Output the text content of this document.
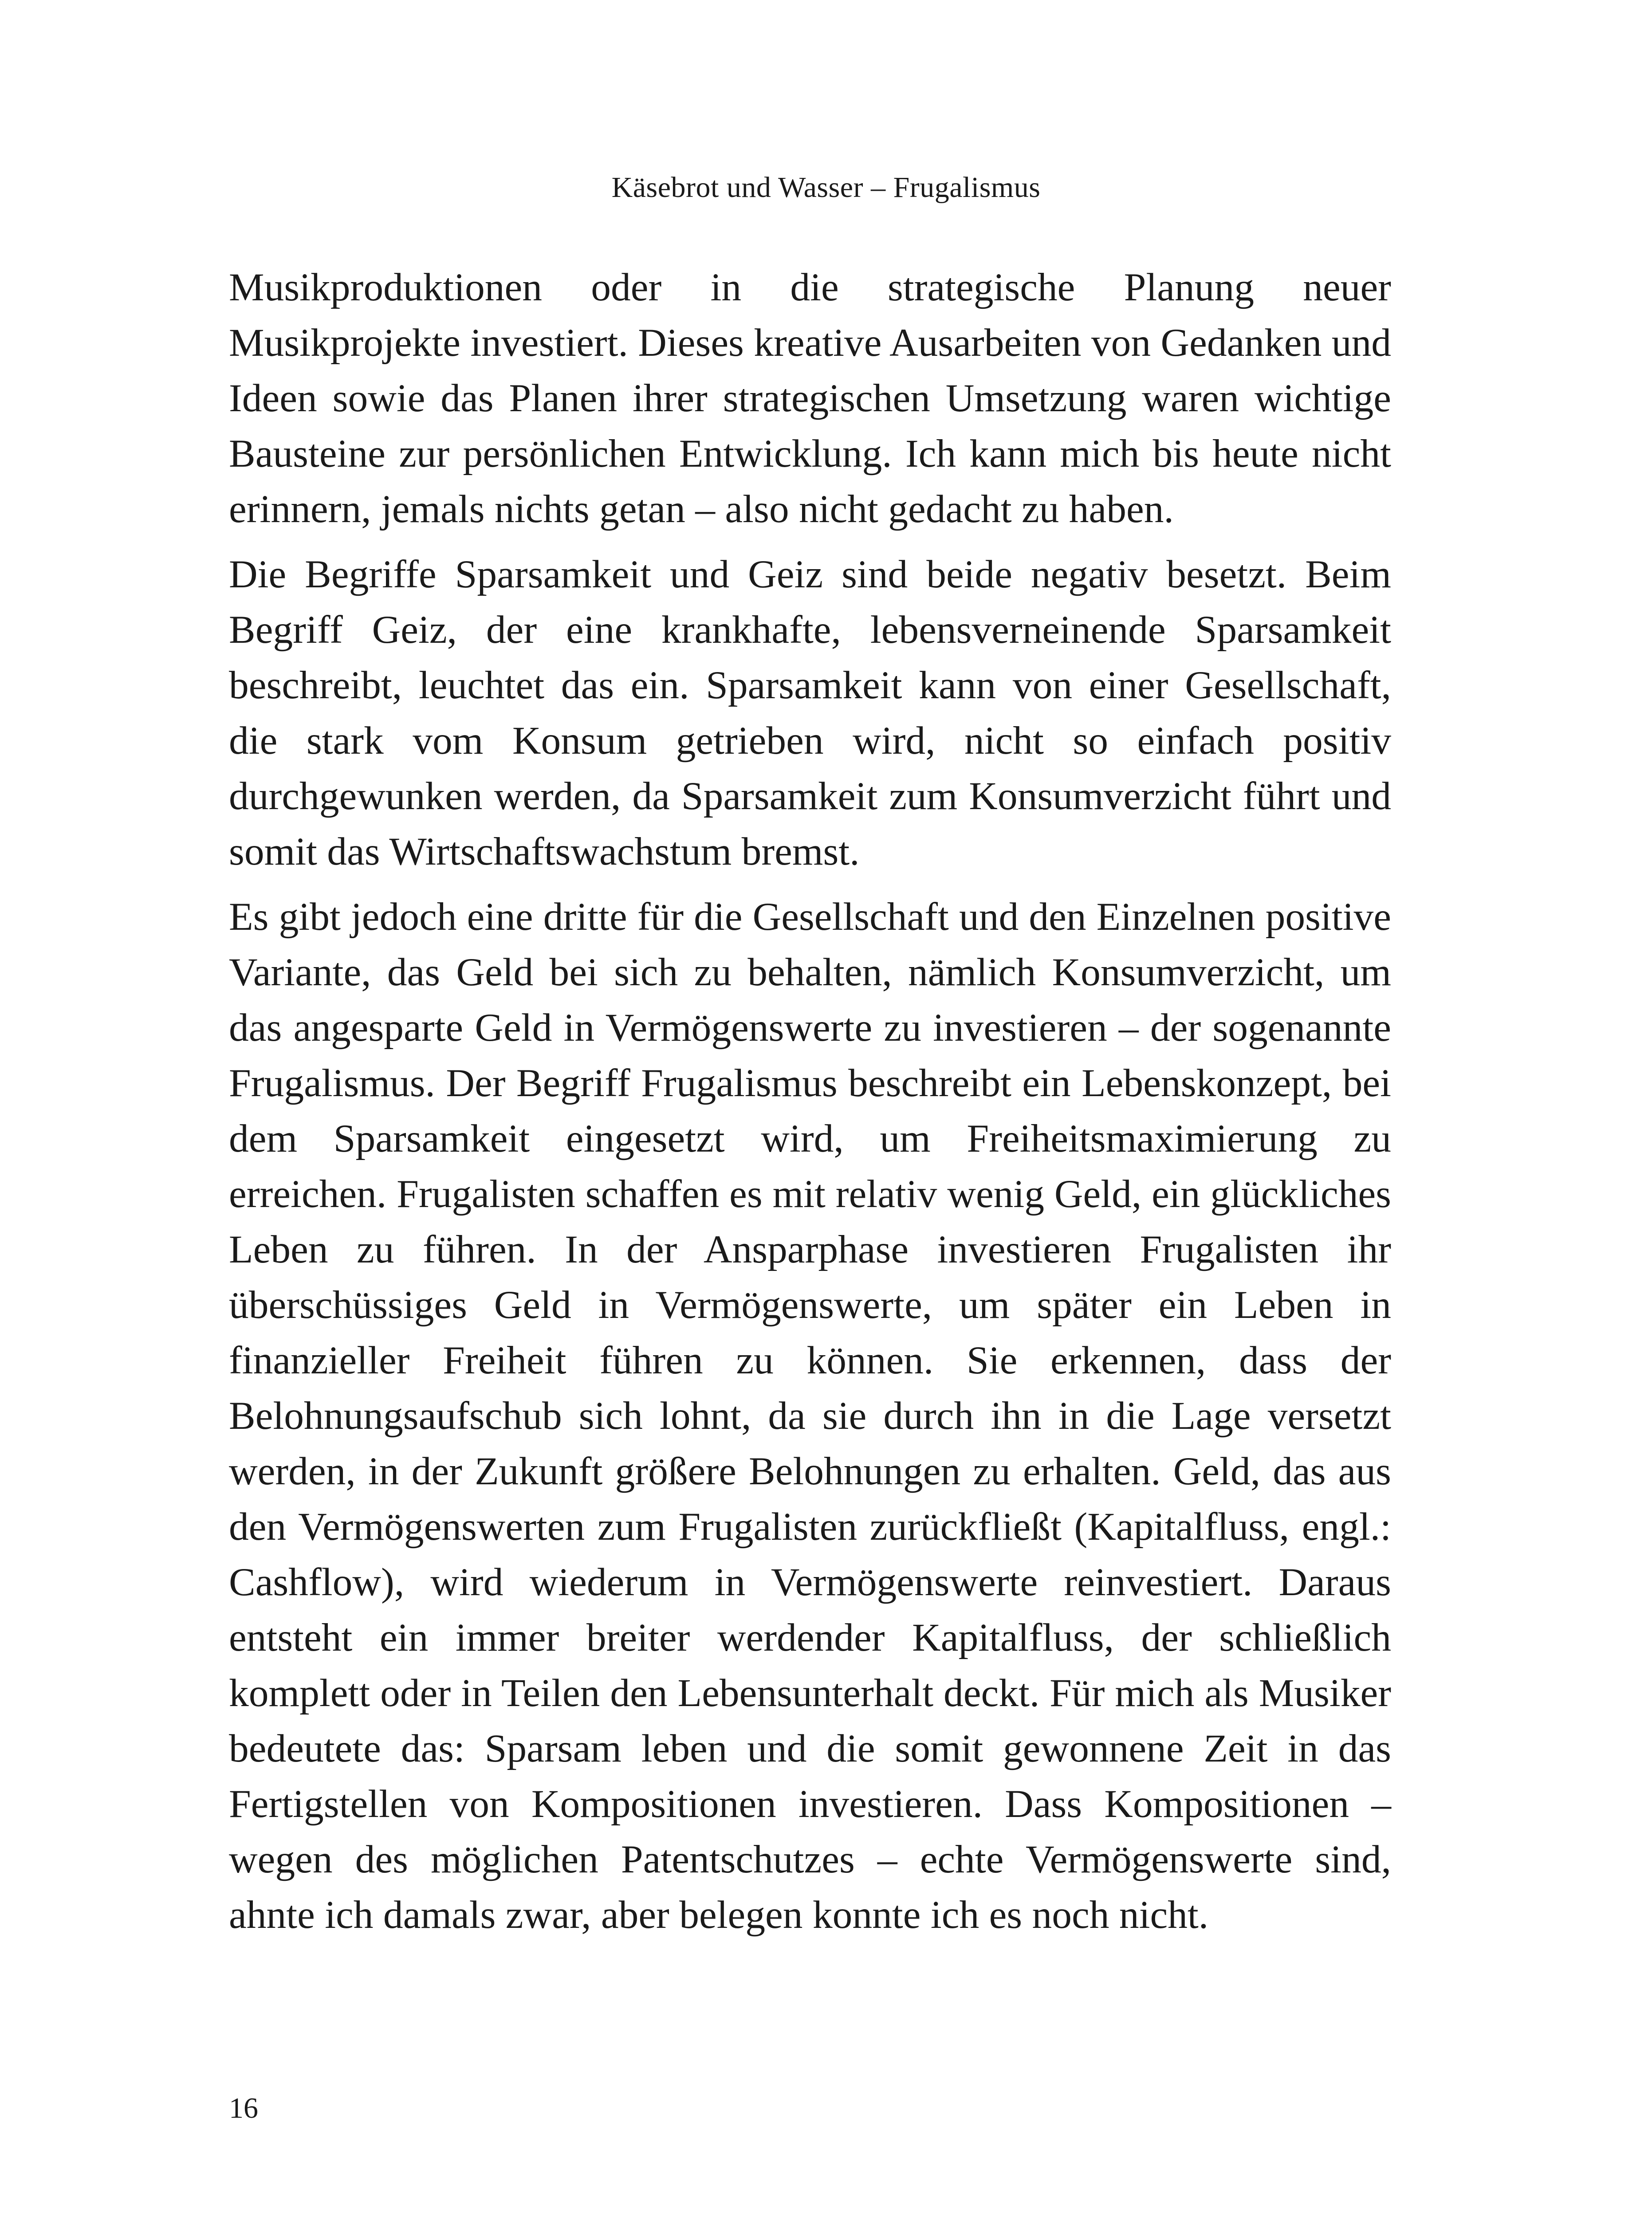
Käsebrot und Wasser – Frugalismus

Musikproduktionen oder in die strategische Planung neuer Musikprojekte investiert. Dieses kreative Ausarbeiten von Gedanken und Ideen sowie das Planen ihrer strategischen Umsetzung waren wichtige Bausteine zur persönlichen Entwicklung. Ich kann mich bis heute nicht erinnern, jemals nichts getan – also nicht gedacht zu haben.

Die Begriffe Sparsamkeit und Geiz sind beide negativ besetzt. Beim Begriff Geiz, der eine krankhafte, lebensverneinende Sparsamkeit beschreibt, leuchtet das ein. Sparsamkeit kann von einer Gesellschaft, die stark vom Konsum getrieben wird, nicht so einfach positiv durchgewunken werden, da Sparsamkeit zum Konsumverzicht führt und somit das Wirtschaftswachstum bremst.

Es gibt jedoch eine dritte für die Gesellschaft und den Einzelnen positive Variante, das Geld bei sich zu behalten, nämlich Konsumverzicht, um das angesparte Geld in Vermögenswerte zu investieren – der sogenannte Frugalismus. Der Begriff Frugalismus beschreibt ein Lebenskonzept, bei dem Sparsamkeit eingesetzt wird, um Freiheitsmaximierung zu erreichen. Frugalisten schaffen es mit relativ wenig Geld, ein glückliches Leben zu führen. In der Ansparphase investieren Frugalisten ihr überschüssiges Geld in Vermögenswerte, um später ein Leben in finanzieller Freiheit führen zu können. Sie erkennen, dass der Belohnungsaufschub sich lohnt, da sie durch ihn in die Lage versetzt werden, in der Zukunft größere Belohnungen zu erhalten. Geld, das aus den Vermögenswerten zum Frugalisten zurückfließt (Kapitalfluss, engl.: Cashflow), wird wiederum in Vermögenswerte reinvestiert. Daraus entsteht ein immer breiter werdender Kapitalfluss, der schließlich komplett oder in Teilen den Lebensunterhalt deckt. Für mich als Musiker bedeutete das: Sparsam leben und die somit gewonnene Zeit in das Fertigstellen von Kompositionen investieren. Dass Kompositionen – wegen des möglichen Patentschutzes – echte Vermögenswerte sind, ahnte ich damals zwar, aber belegen konnte ich es noch nicht.

16
